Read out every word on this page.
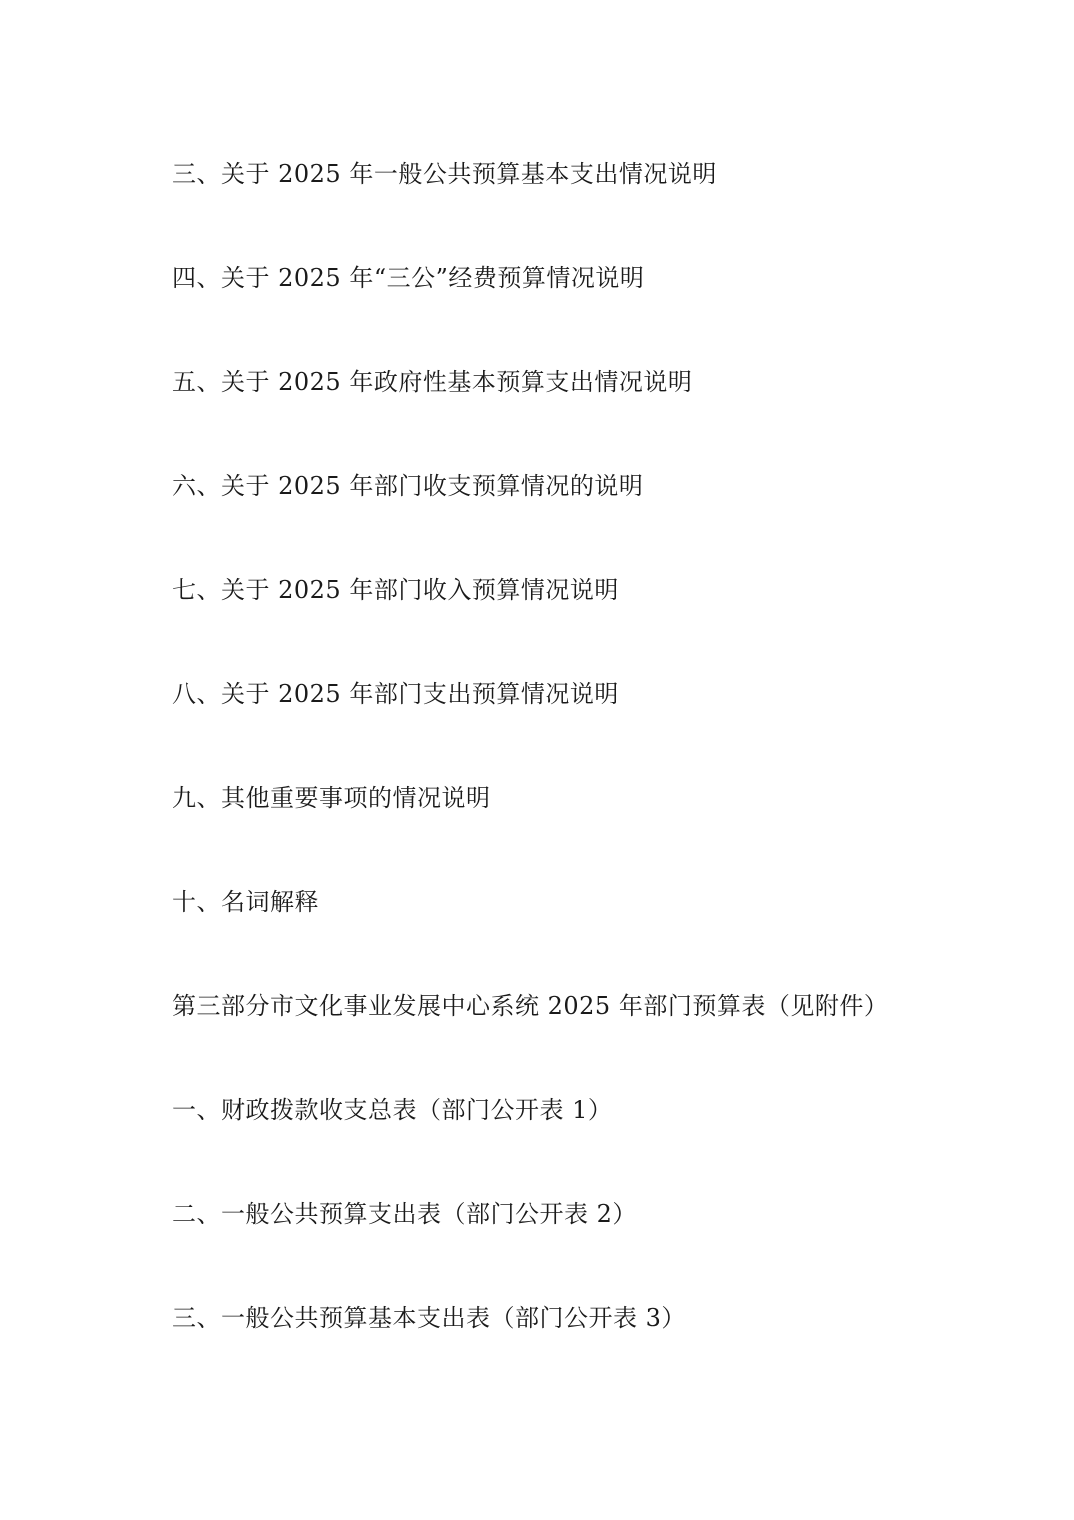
三、关于 2025 年一般公共预算基本支出情况说明
四、关于 2025 年“三公”经费预算情况说明
五、关于 2025 年政府性基本预算支出情况说明
六、关于 2025 年部门收支预算情况的说明
七、关于 2025 年部门收入预算情况说明
八、关于 2025 年部门支出预算情况说明
九、其他重要事项的情况说明
十、名词解释
第三部分市文化事业发展中心系统 2025 年部门预算表（见附件）
一、财政拨款收支总表（部门公开表 1）
二、一般公共预算支出表（部门公开表 2）
三、一般公共预算基本支出表（部门公开表 3）
